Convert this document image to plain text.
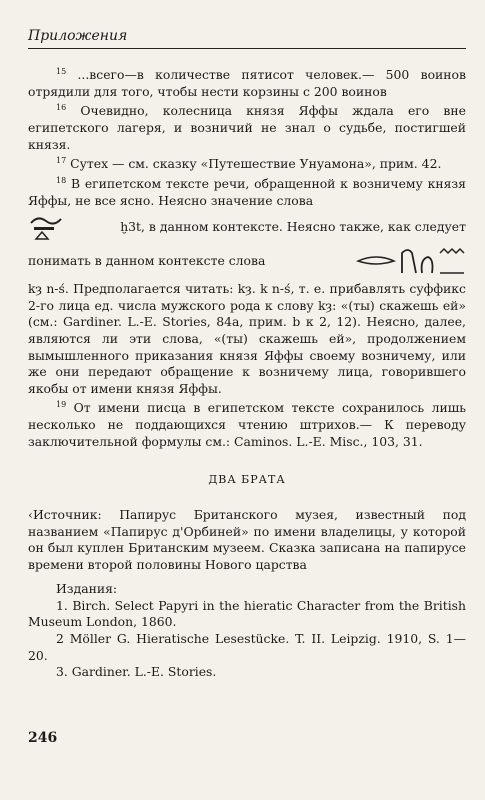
Приложения

$^{15}$ ...всего—в количестве пятисот человек.— 500 воинов отрядили для того, чтобы нести корзины с 200 воинов

$^{16}$ Очевидно, колесница князя Яффы ждала его вне египетского лагеря, и возничий не знал о судьбе, постигшей князя.

$^{17}$ Сутех — см. сказку «Путешествие Унуамона», прим. 42.

$^{18}$ В египетском тексте речи, обращенной к возничему князя Яффы, не все ясно. Неясно значение слова

ḫ3t, в данном контексте. Неясно также, как следует
понимать в данном контексте слова

kȝ n-ś. Предполагается читать: kȝ. k n-ś, т. е. прибавлять суффикс 2-го лица ед. числа мужского рода к слову kȝ: «(ты) скажешь ей» (см.: Gardiner. L.-E. Stories, 84a, прим. b к 2, 12). Неясно, далее, являются ли эти слова, «(ты) скажешь ей», продолжением вымышленного приказания князя Яффы своему возничему, или же они передают обращение к возничему лица, говорившего якобы от имени князя Яффы.

$^{19}$ От имени писца в египетском тексте сохранилось лишь несколько не поддающихся чтению штрихов.— К переводу заключительной формулы см.: Caminos. L.-E. Misc., 103, 31.

ДВА БРАТА

‹Источник: Папирус Британского музея, известный под названием «Папирус д'Орбиней» по имени владелицы, у которой он был куплен Британским музеем. Сказка записана на папирусе времени второй половины Нового царства

Издания:

1. Birch. Select Papyri in the hieratic Character from the British Museum London, 1860.

2 Möller G. Hieratische Lesestücke. T. II. Leipzig. 1910, S. 1—20.

3. Gardiner. L.-E. Stories.

246
